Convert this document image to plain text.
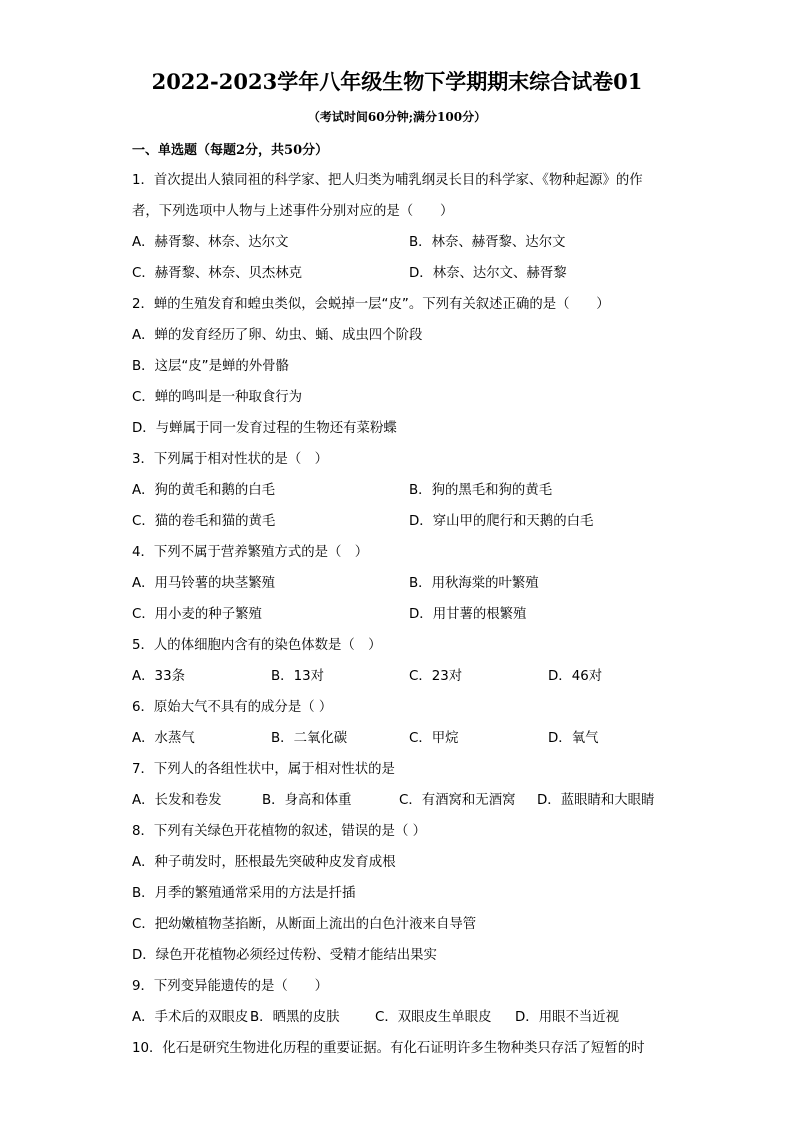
2022-2023学年八年级生物下学期期末综合试卷01
（考试时间60分钟;满分100分）
一、单选题（每题2分，共50分）
1．首次提出人猿同祖的科学家、把人归类为哺乳纲灵长目的科学家、《物种起源》的作
者，下列选项中人物与上述事件分别对应的是（　　）
A．赫胥黎、林奈、达尔文	B．林奈、赫胥黎、达尔文
C．赫胥黎、林奈、贝杰林克	D．林奈、达尔文、赫胥黎
2．蝉的生殖发育和蝗虫类似，会蜕掉一层“皮”。下列有关叙述正确的是（　　）
A．蝉的发育经历了卵、幼虫、蛹、成虫四个阶段
B．这层“皮”是蝉的外骨骼
C．蝉的鸣叫是一种取食行为
D．与蝉属于同一发育过程的生物还有菜粉蝶
3．下列属于相对性状的是（　）
A．狗的黄毛和鹅的白毛	B．狗的黑毛和狗的黄毛
C．猫的卷毛和猫的黄毛	D．穿山甲的爬行和天鹅的白毛
4．下列不属于营养繁殖方式的是（　）
A．用马铃薯的块茎繁殖	B．用秋海棠的叶繁殖
C．用小麦的种子繁殖	D．用甘薯的根繁殖
5．人的体细胞内含有的染色体数是（　）
A．33条	B．13对	C．23对	D．46对
6．原始大气不具有的成分是（ ）
A．水蒸气	B．二氧化碳	C．甲烷	D．氧气
7．下列人的各组性状中，属于相对性状的是
A．长发和卷发	B．身高和体重	C．有酒窝和无酒窝 D．蓝眼睛和大眼睛
8．下列有关绿色开花植物的叙述，错误的是（ ）
A．种子萌发时，胚根最先突破种皮发育成根
B．月季的繁殖通常采用的方法是扦插
C．把幼嫩植物茎掐断，从断面上流出的白色汁液来自导管
D．绿色开花植物必须经过传粉、受精才能结出果实
9．下列变异能遗传的是（　　）
A．手术后的双眼皮 B．晒黑的皮肤	C．双眼皮生单眼皮 D．用眼不当近视
10．化石是研究生物进化历程的重要证据。有化石证明许多生物种类只存活了短暂的时
